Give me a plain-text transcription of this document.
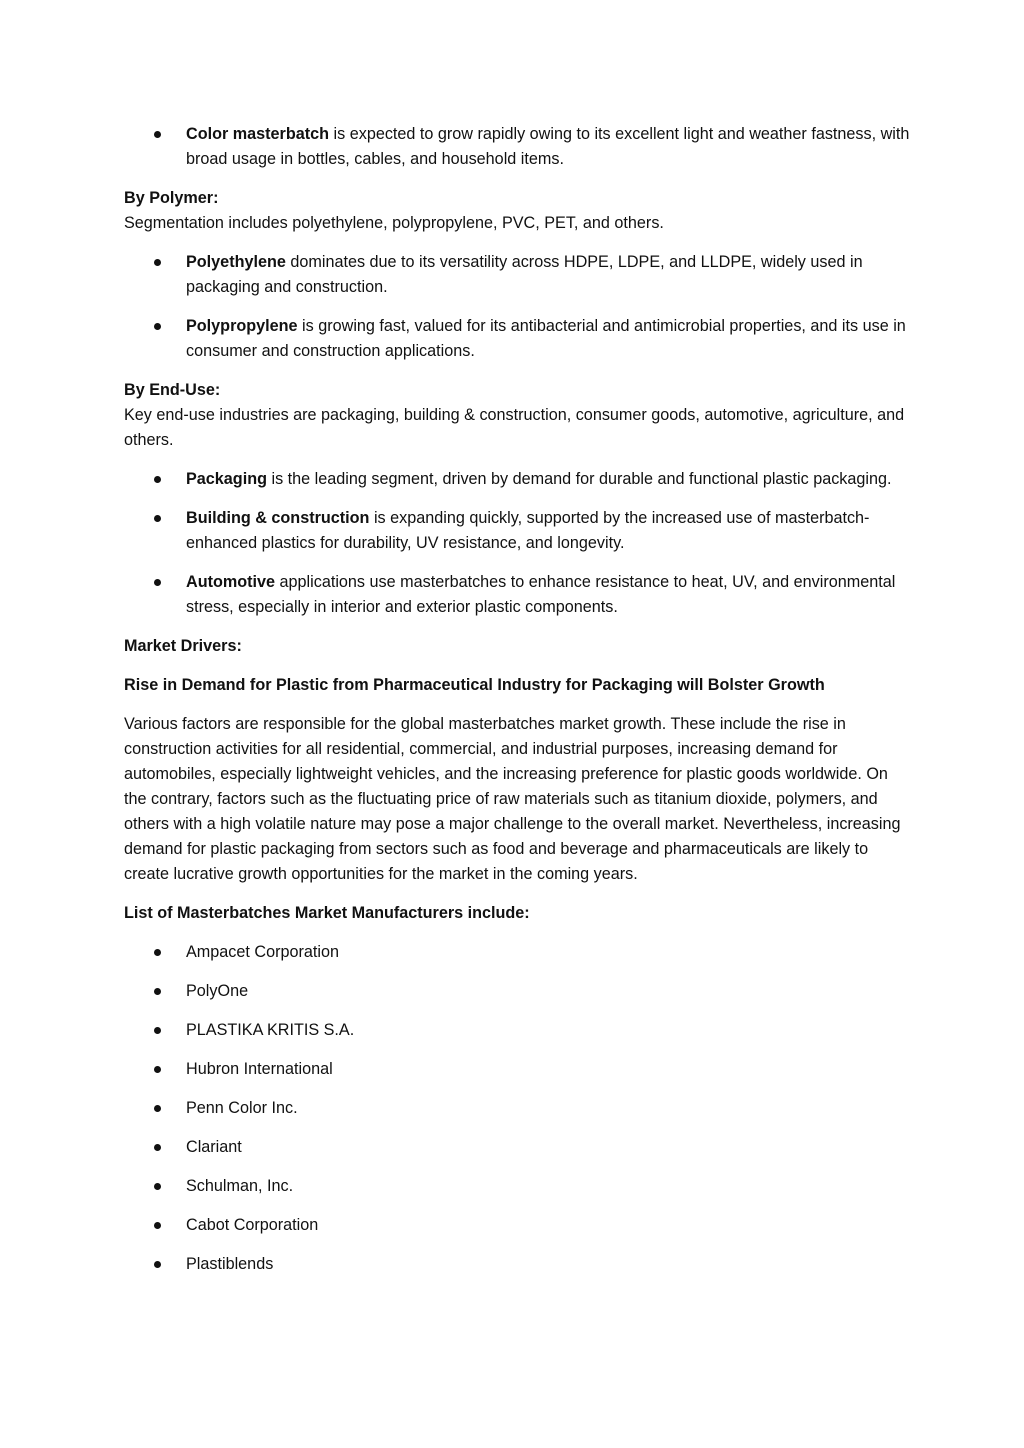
Color masterbatch is expected to grow rapidly owing to its excellent light and weather fastness, with broad usage in bottles, cables, and household items.

By Polymer:

Segmentation includes polyethylene, polypropylene, PVC, PET, and others.

Polyethylene dominates due to its versatility across HDPE, LDPE, and LLDPE, widely used in packaging and construction.
Polypropylene is growing fast, valued for its antibacterial and antimicrobial properties, and its use in consumer and construction applications.

By End-Use:

Key end-use industries are packaging, building & construction, consumer goods, automotive, agriculture, and others.

Packaging is the leading segment, driven by demand for durable and functional plastic packaging.
Building & construction is expanding quickly, supported by the increased use of masterbatch-enhanced plastics for durability, UV resistance, and longevity.
Automotive applications use masterbatches to enhance resistance to heat, UV, and environmental stress, especially in interior and exterior plastic components.

Market Drivers:

Rise in Demand for Plastic from Pharmaceutical Industry for Packaging will Bolster Growth

Various factors are responsible for the global masterbatches market growth. These include the rise in construction activities for all residential, commercial, and industrial purposes, increasing demand for automobiles, especially lightweight vehicles, and the increasing preference for plastic goods worldwide. On the contrary, factors such as the fluctuating price of raw materials such as titanium dioxide, polymers, and others with a high volatile nature may pose a major challenge to the overall market. Nevertheless, increasing demand for plastic packaging from sectors such as food and beverage and pharmaceuticals are likely to create lucrative growth opportunities for the market in the coming years.

List of Masterbatches Market Manufacturers include:

Ampacet Corporation
PolyOne
PLASTIKA KRITIS S.A.
Hubron International
Penn Color Inc.
Clariant
Schulman, Inc.
Cabot Corporation
Plastiblends
